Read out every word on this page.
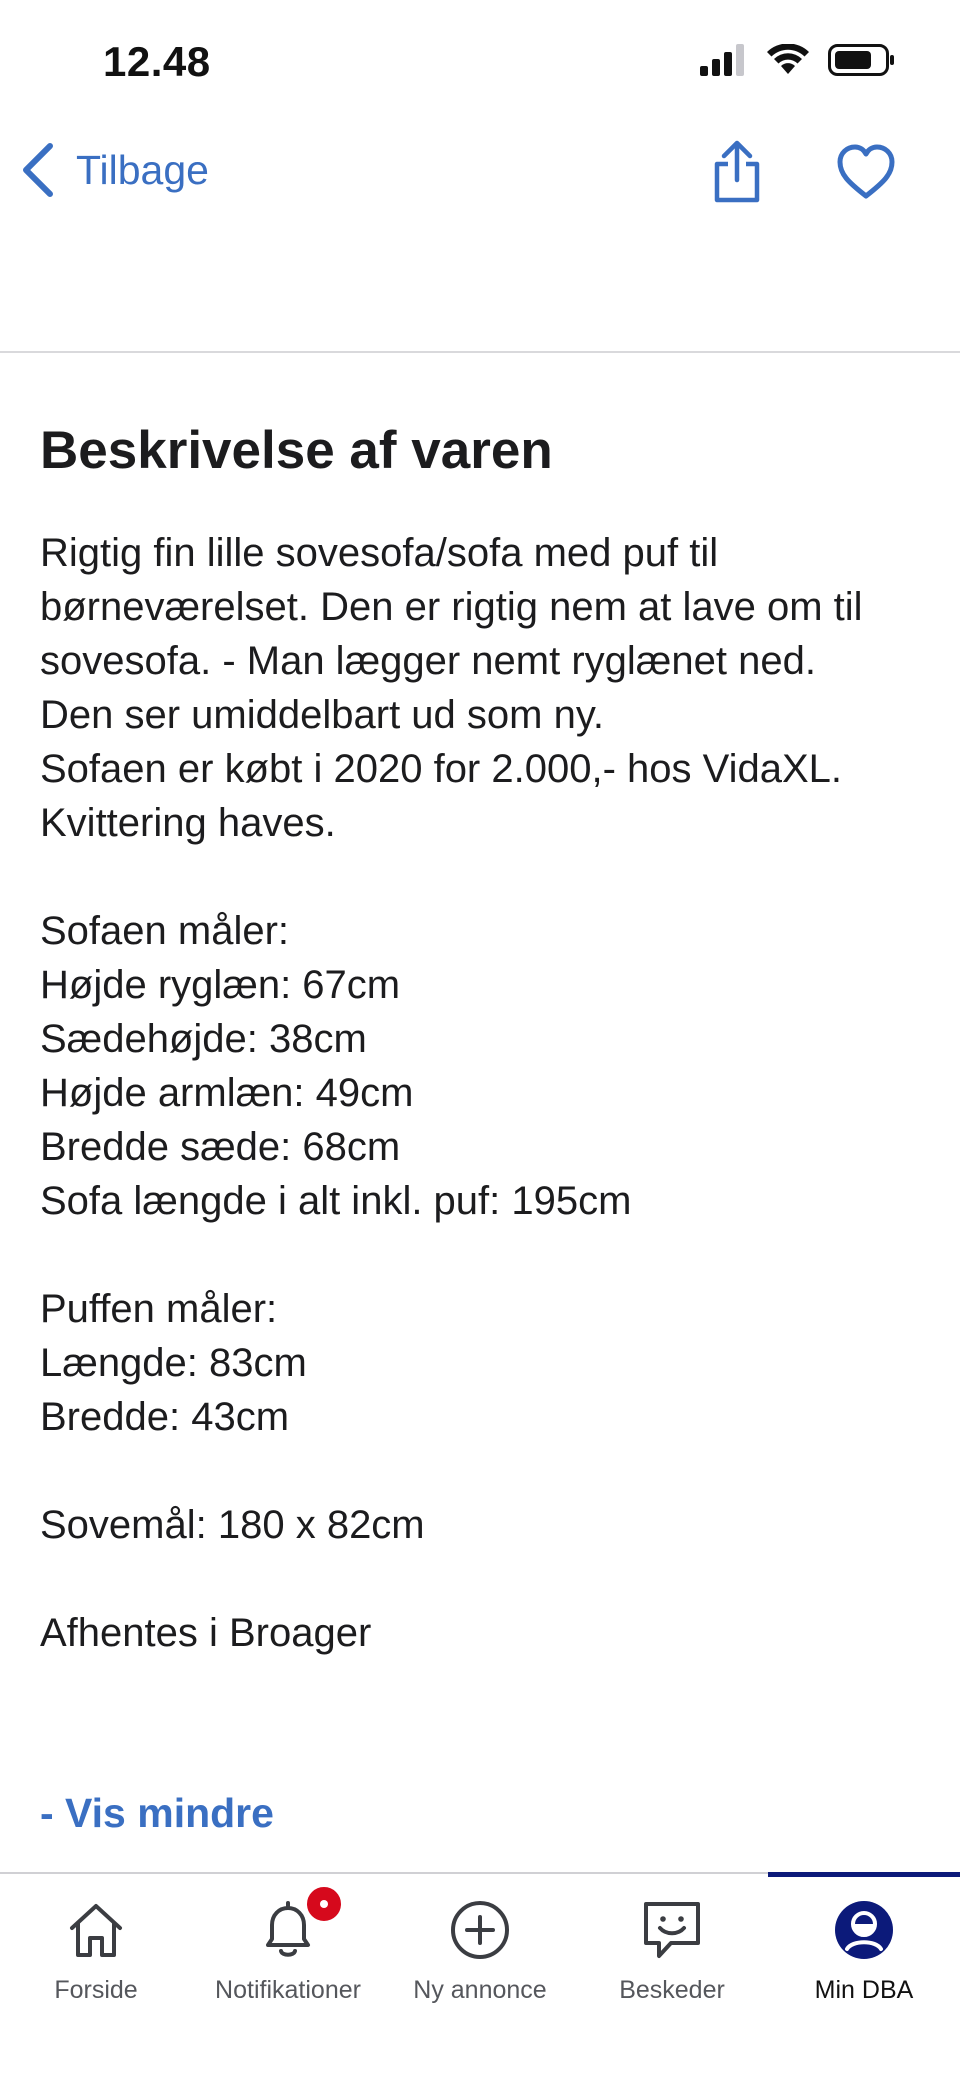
12.48
Tilbage
Beskrivelse af varen
Rigtig fin lille sovesofa/sofa med puf til børneværelset. Den er rigtig nem at lave om til sovesofa. - Man lægger nemt ryglænet ned.
Den ser umiddelbart ud som ny.
Sofaen er købt i 2020 for 2.000,- hos VidaXL.
Kvittering haves.

Sofaen måler:
Højde ryglæn: 67cm
Sædehøjde: 38cm
Højde armlæn: 49cm
Bredde sæde: 68cm
Sofa længde i alt inkl. puf: 195cm

Puffen måler:
Længde: 83cm
Bredde: 43cm

Sovemål: 180 x 82cm

Afhentes i Broager
- Vis mindre
Forside	Notifikationer Ny annonce	Beskeder	Min DBA
